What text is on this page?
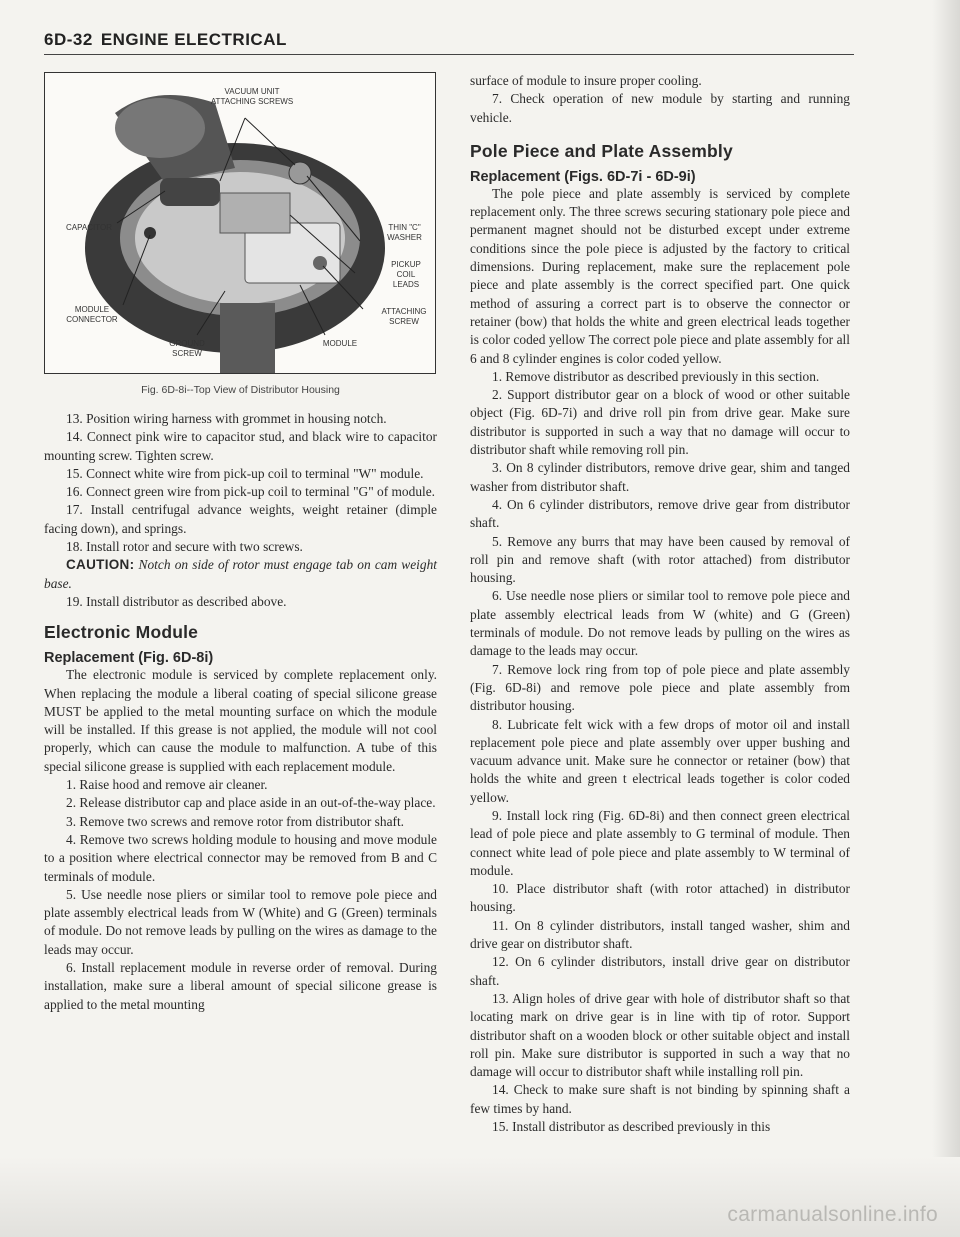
6D-32 ENGINE ELECTRICAL
VACUUM UNIT
ATTACHING SCREWS
CAPACITOR	THIN "C"
WASHER
PICKUP
COIL
LEADS
ATTACHING
SCREW
MODULE
CONNECTOR
GROUND
SCREW
MODULE
Fig. 6D-8i--Top View of Distributor Housing

13. Position wiring harness with grommet in housing notch.

14. Connect pink wire to capacitor stud, and black wire to capacitor mounting screw. Tighten screw.

15. Connect white wire from pick-up coil to terminal "W" module.

16. Connect green wire from pick-up coil to terminal "G" of module.

17. Install centrifugal advance weights, weight retainer (dimple facing down), and springs.

18. Install rotor and secure with two screws.

CAUTION: Notch on side of rotor must engage tab on cam weight base.

19. Install distributor as described above.

Electronic Module
Replacement (Fig. 6D-8i)

The electronic module is serviced by complete replacement only. When replacing the module a liberal coating of special silicone grease MUST be applied to the metal mounting surface on which the module will be installed. If this grease is not applied, the module will not cool properly, which can cause the module to malfunction. A tube of this special silicone grease is supplied with each replacement module.

1. Raise hood and remove air cleaner.

2. Release distributor cap and place aside in an out-of-the-way place.

3. Remove two screws and remove rotor from distributor shaft.

4. Remove two screws holding module to housing and move module to a position where electrical connector may be removed from B and C terminals of module.

5. Use needle nose pliers or similar tool to remove pole piece and plate assembly electrical leads from W (White) and G (Green) terminals of module. Do not remove leads by pulling on the wires as damage to the leads may occur.

6. Install replacement module in reverse order of removal. During installation, make sure a liberal amount of special silicone grease is applied to the metal mounting

surface of module to insure proper cooling.

7. Check operation of new module by starting and running vehicle.

Pole Piece and Plate Assembly
Replacement (Figs. 6D-7i - 6D-9i)

The pole piece and plate assembly is serviced by complete replacement only. The three screws securing stationary pole piece and permanent magnet should not be disturbed except under extreme conditions since the pole piece is adjusted by the factory to critical dimensions. During replacement, make sure the replacement pole piece and plate assembly is the correct specified part. One quick method of assuring a correct part is to observe the connector or retainer (bow) that holds the white and green electrical leads together is color coded yellow The correct pole piece and plate assembly for all 6 and 8 cylinder engines is color coded yellow.

1. Remove distributor as described previously in this section.

2. Support distributor gear on a block of wood or other suitable object (Fig. 6D-7i) and drive roll pin from drive gear. Make sure distributor is supported in such a way that no damage will occur to distributor shaft while removing roll pin.

3. On 8 cylinder distributors, remove drive gear, shim and tanged washer from distributor shaft.

4. On 6 cylinder distributors, remove drive gear from distributor shaft.

5. Remove any burrs that may have been caused by removal of roll pin and remove shaft (with rotor attached) from distributor housing.

6. Use needle nose pliers or similar tool to remove pole piece and plate assembly electrical leads from W (white) and G (Green) terminals of module. Do not remove leads by pulling on the wires as damage to the leads may occur.

7. Remove lock ring from top of pole piece and plate assembly (Fig. 6D-8i) and remove pole piece and plate assembly from distributor housing.

8. Lubricate felt wick with a few drops of motor oil and install replacement pole piece and plate assembly over upper bushing and vacuum advance unit. Make sure he connector or retainer (bow) that holds the white and green t electrical leads together is color coded yellow.

9. Install lock ring (Fig. 6D-8i) and then connect green electrical lead of pole piece and plate assembly to G terminal of module. Then connect white lead of pole piece and plate assembly to W terminal of module.

10. Place distributor shaft (with rotor attached) in distributor housing.

11. On 8 cylinder distributors, install tanged washer, shim and drive gear on distributor shaft.

12. On 6 cylinder distributors, install drive gear on distributor shaft.

13. Align holes of drive gear with hole of distributor shaft so that locating mark on drive gear is in line with tip of rotor. Support distributor shaft on a wooden block or other suitable object and install roll pin. Make sure distributor is supported in such a way that no damage will occur to distributor shaft while installing roll pin.

14. Check to make sure shaft is not binding by spinning shaft a few times by hand.

15. Install distributor as described previously in this

carmanualsonline.info
